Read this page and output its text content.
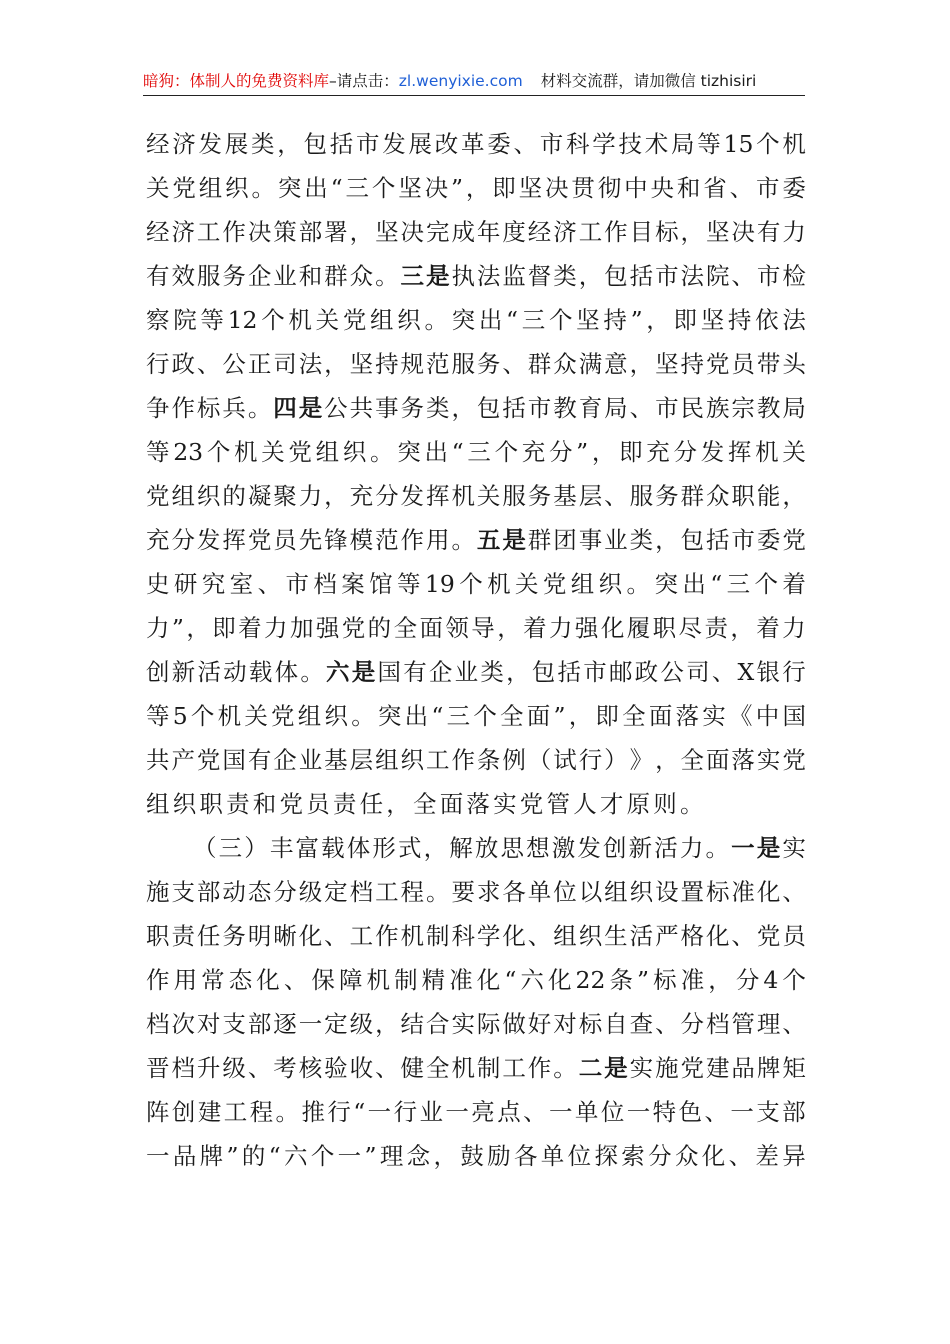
暗狗：体制人的免费资料库–请点击：zl.wenyixie.com 材料交流群，请加微信 tizhisiri
经 济 发 展 类 ， 包 括 市 发 展 改 革 委 、 市 科 学 技 术 局 等 15 个 机
关 党 组 织 。 突 出 “ 三 个 坚 决 ” ， 即 坚 决 贯 彻 中 央 和 省 、 市 委
经 济 工 作 决 策 部 署 ， 坚 决 完 成 年 度 经 济 工 作 目 标 ， 坚 决 有 力
有 效 服 务 企 业 和 群 众 。 三 是 执 法 监 督 类 ， 包 括 市 法 院 、 市 检
察 院 等 12 个 机 关 党 组 织 。 突 出 “ 三 个 坚 持 ” ， 即 坚 持 依 法
行 政 、 公 正 司 法 ， 坚 持 规 范 服 务 、 群 众 满 意 ， 坚 持 党 员 带 头
争 作 标 兵 。 四 是 公 共 事 务 类 ， 包 括 市 教 育 局 、 市 民 族 宗 教 局
等 23 个 机 关 党 组 织 。 突 出 “ 三 个 充 分 ” ， 即 充 分 发 挥 机 关
党 组 织 的 凝 聚 力 ， 充 分 发 挥 机 关 服 务 基 层 、 服 务 群 众 职 能 ，
充 分 发 挥 党 员 先 锋 模 范 作 用 。 五 是 群 团 事 业 类 ， 包 括 市 委 党
史 研 究 室 、 市 档 案 馆 等 19 个 机 关 党 组 织 。 突 出 “ 三 个 着
力 ” ， 即 着 力 加 强 党 的 全 面 领 导 ， 着 力 强 化 履 职 尽 责 ， 着 力
创 新 活 动 载 体 。 六 是 国 有 企 业 类 ， 包 括 市 邮 政 公 司 、 X 银 行
等 5 个 机 关 党 组 织 。 突 出 “ 三 个 全 面 ” ， 即 全 面 落 实 《 中 国
共 产 党 国 有 企 业 基 层 组 织 工 作 条 例 （ 试 行 ） 》 ， 全 面 落 实 党
组织职责和党员责任，全面落实党管人才原则。
（ 三 ） 丰 富 载 体 形 式 ， 解 放 思 想 激 发 创 新 活 力 。 一 是 实
施 支 部 动 态 分 级 定 档 工 程 。 要 求 各 单 位 以 组 织 设 置 标 准 化 、
职 责 任 务 明 晰 化 、 工 作 机 制 科 学 化 、 组 织 生 活 严 格 化 、 党 员
作 用 常 态 化 、 保 障 机 制 精 准 化 “ 六 化 22 条 ” 标 准 ， 分 4 个
档 次 对 支 部 逐 一 定 级 ， 结 合 实 际 做 好 对 标 自 查 、 分 档 管 理 、
晋 档 升 级 、 考 核 验 收 、 健 全 机 制 工 作 。 二 是 实 施 党 建 品 牌 矩
阵 创 建 工 程 。 推 行 “ 一 行 业 一 亮 点 、 一 单 位 一 特 色 、 一 支 部
一 品 牌 ” 的 “ 六 个 一 ” 理 念 ， 鼓 励 各 单 位 探 索 分 众 化 、 差 异
